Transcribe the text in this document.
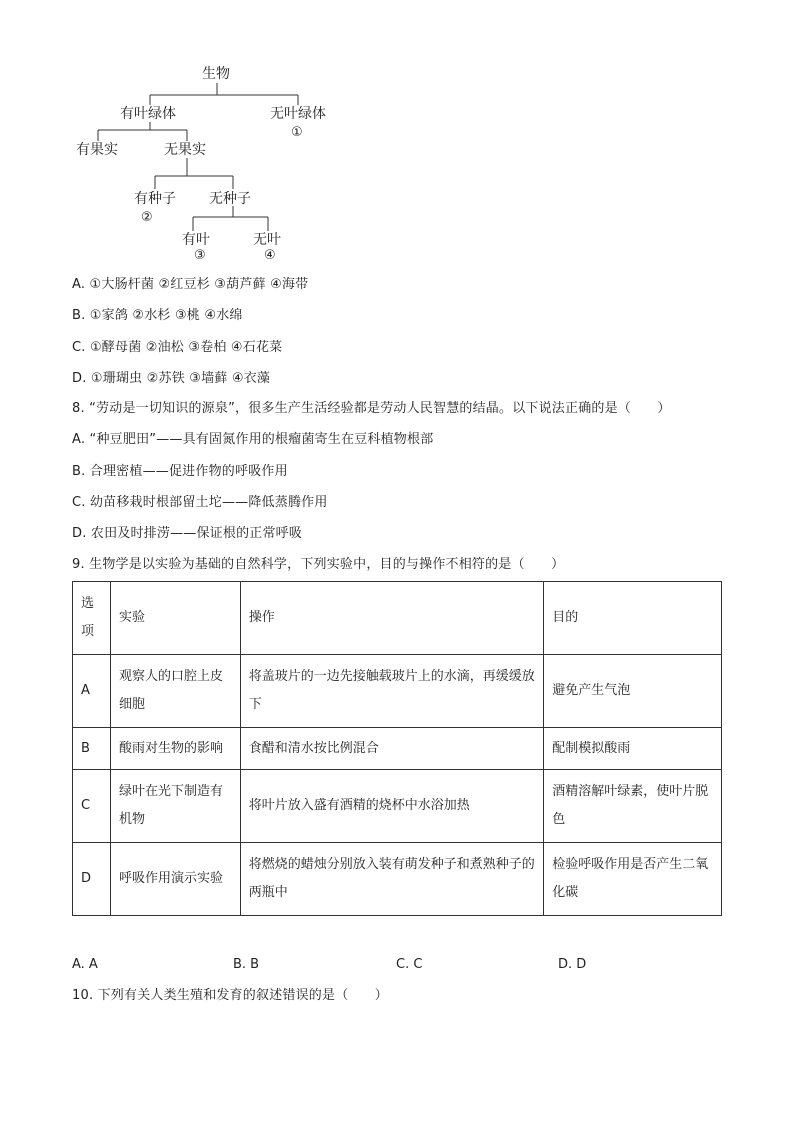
生物
有叶绿体	无叶绿体
①
有果实	无果实
有种子
②
无种子
有叶
③
无叶
④
A. ①大肠杆菌 ②红豆杉 ③葫芦藓 ④海带
B. ①家鸽 ②水杉 ③桃 ④水绵
C. ①酵母菌 ②油松 ③卷柏 ④石花菜
D. ①珊瑚虫 ②苏铁 ③墙藓 ④衣藻
8. “劳动是一切知识的源泉”，很多生产生活经验都是劳动人民智慧的结晶。以下说法正确的是（　　）
A. “种豆肥田”——具有固氮作用的根瘤菌寄生在豆科植物根部
B. 合理密植——促进作物的呼吸作用
C. 幼苗移栽时根部留土坨——降低蒸腾作用
D. 农田及时排涝——保证根的正常呼吸
9. 生物学是以实验为基础的自然科学，下列实验中，目的与操作不相符的是（　　）
选项	实验	操作	目的
A	观察人的口腔上皮细胞	将盖玻片的一边先接触载玻片上的水滴，再缓缓放下	避免产生气泡
B	酸雨对生物的影响	食醋和清水按比例混合	配制模拟酸雨
C	绿叶在光下制造有机物	将叶片放入盛有酒精的烧杯中水浴加热	酒精溶解叶绿素，使叶片脱色
D	呼吸作用演示实验	将燃烧的蜡烛分别放入装有萌发种子和煮熟种子的两瓶中	检验呼吸作用是否产生二氧化碳
A. A	B. B	C. C	D. D
10. 下列有关人类生殖和发育的叙述错误的是（　　）
